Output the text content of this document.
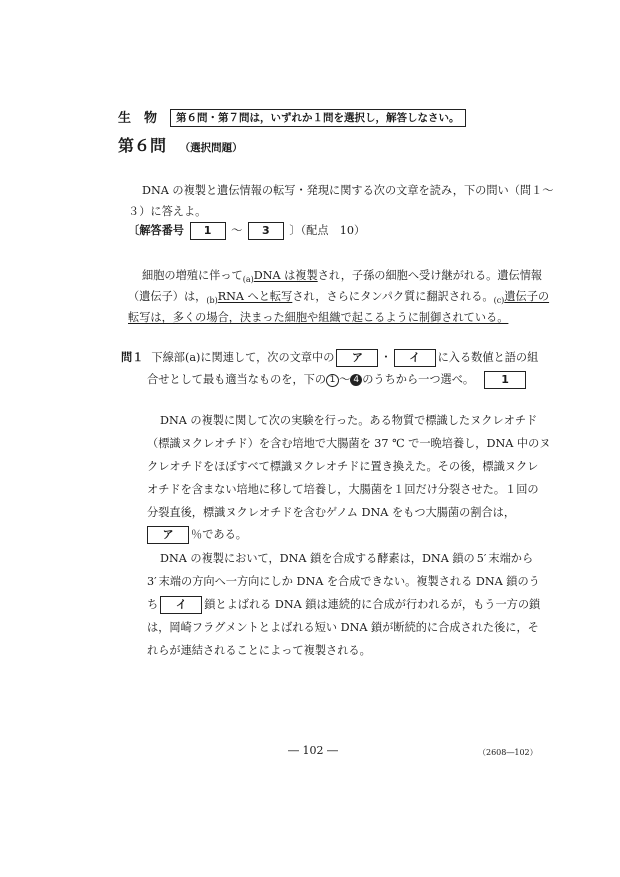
生　物	第６問・第７問は，いずれか１問を選択し，解答しなさい。
第６問 （選択問題）
DNA の複製と遺伝情報の転写・発現に関する次の文章を読み，下の問い（問１～
３）に答えよ。
〔解答番号 1 ～ 3 〕（配点　10）
細胞の増殖に伴って$_{(a)}$DNA は複製され，子孫の細胞へ受け継がれる。遺伝情報
（遺伝子）は，$_{(b)}$RNA へと転写され，さらにタンパク質に翻訳される。$_{(c)}$遺伝子の
転写は，多くの場合，決まった細胞や組織で起こるように制御されている。
問１ 下線部(a)に関連して，次の文章中の ア ・ イ に入る数値と語の組
合せとして最も適当なものを，下の 1 ～ 4 のうちから一つ選べ。 1
DNA の複製に関して次の実験を行った。ある物質で標識したヌクレオチド
（標識ヌクレオチド）を含む培地で大腸菌を 37 ℃ で一晩培養し，DNA 中のヌ
クレオチドをほぼすべて標識ヌクレオチドに置き換えた。その後，標識ヌクレ
オチドを含まない培地に移して培養し，大腸菌を１回だけ分裂させた。１回の
分裂直後，標識ヌクレオチドを含むゲノム DNA をもつ大腸菌の割合は，
ア ％である。
DNA の複製において，DNA 鎖を合成する酵素は，DNA 鎖の 5′ 末端から
3′ 末端の方向へ一方向にしか DNA を合成できない。複製される DNA 鎖のう
ち イ 鎖とよばれる DNA 鎖は連続的に合成が行われるが，もう一方の鎖
は，岡崎フラグメントとよばれる短い DNA 鎖が断続的に合成された後に，そ
れらが連結されることによって複製される。
― 102 ―	（2608―102）
